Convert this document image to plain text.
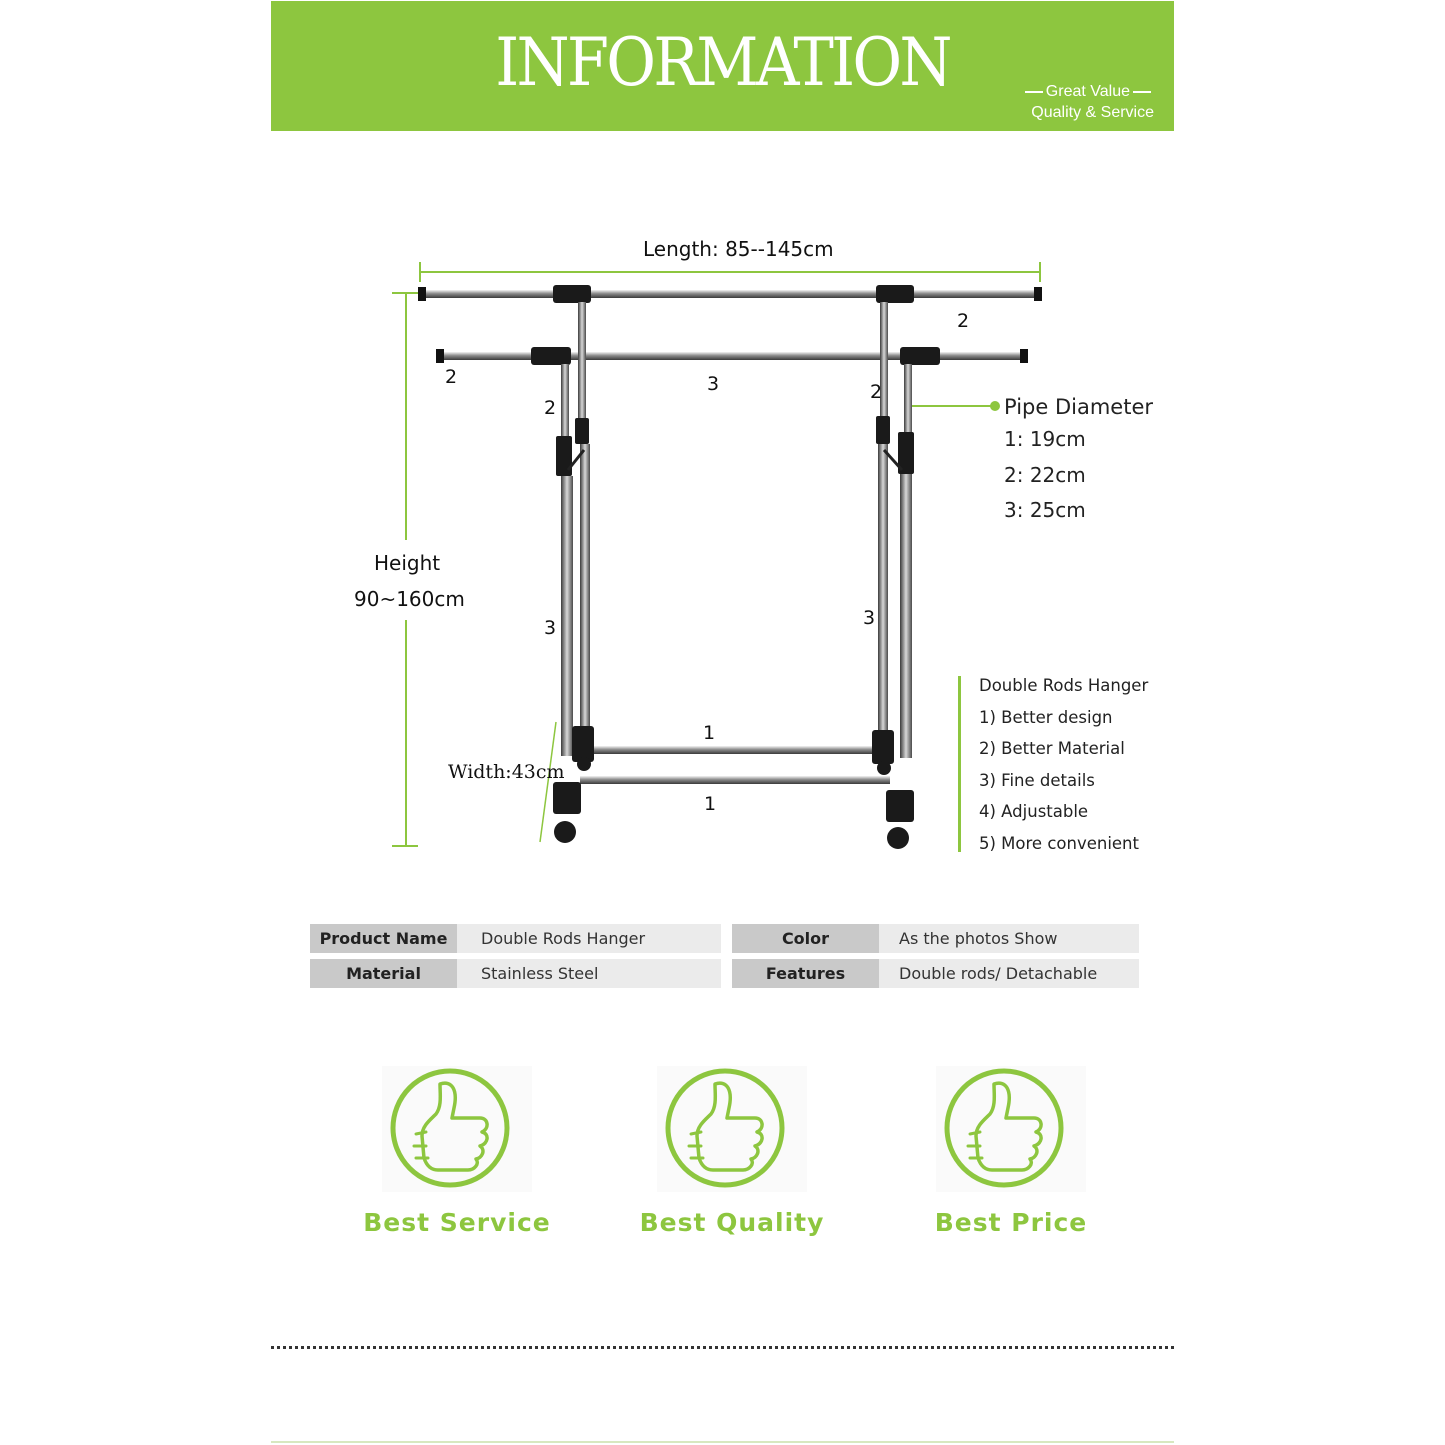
INFORMATION	Great Value
Quality & Service
Length: 85--145cm
Height
90~160cm
Width:43cm
2
2	3
2
2
3	3
1
1
Pipe Diameter
1: 19cm
2: 22cm
3: 25cm
Double Rods Hanger
1) Better design
2) Better Material
3) Fine details
4) Adjustable
5) More convenient
Product Name	Double Rods Hanger	Color	As the photos Show
Material	Stainless Steel	Features	Double rods/ Detachable
Best Service	Best Quality	Best Price
